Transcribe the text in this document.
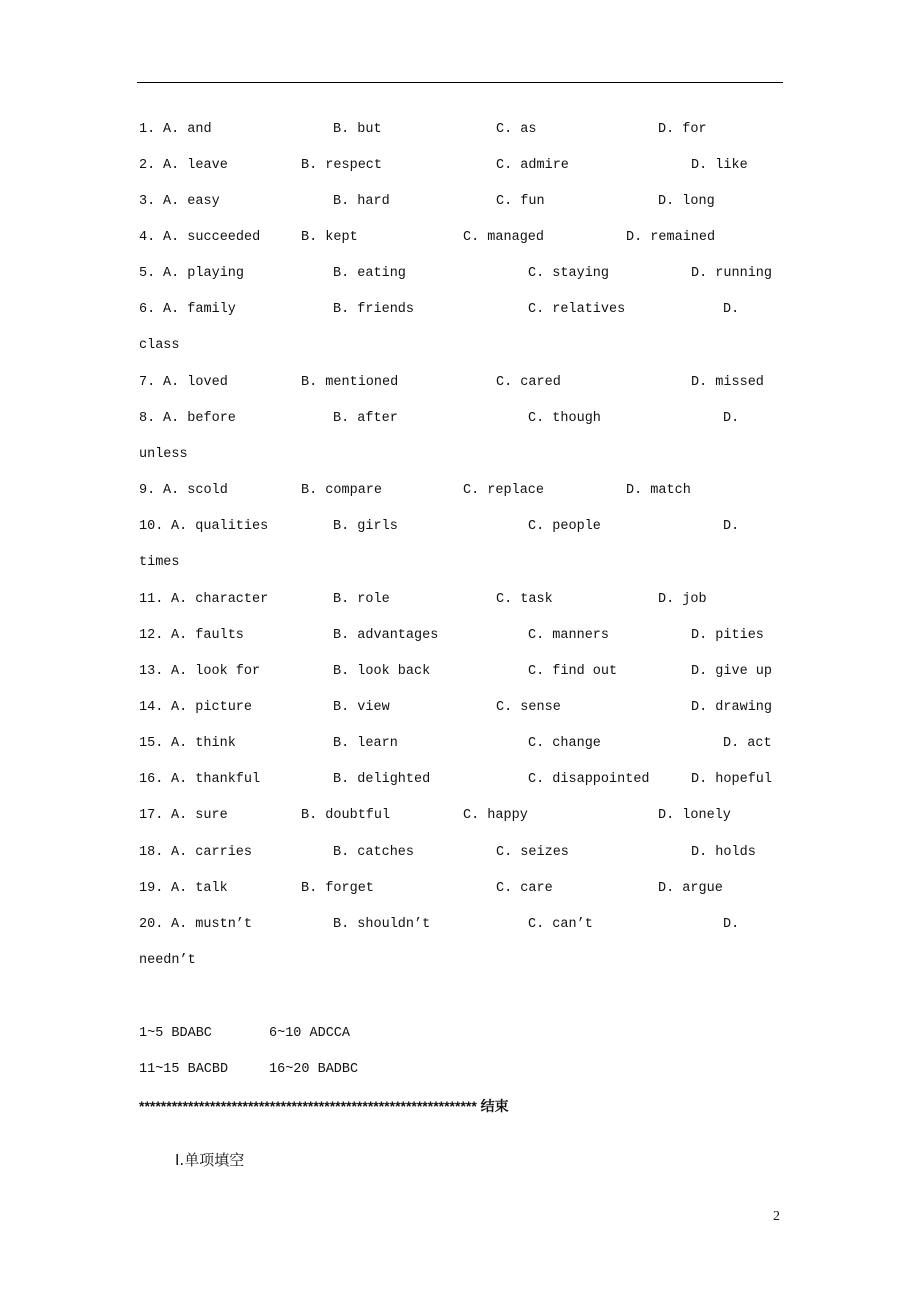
1. A. and	B. but	C. as	D. for
2. A. leave	B. respect	C. admire	D. like
3. A. easy	B. hard	C. fun	D. long
4. A. succeeded	B. kept	C. managed	D. remained
5. A. playing	B. eating	C. staying	D. running
6. A. family	B. friends	C. relatives	D.
class
7. A. loved	B. mentioned	C. cared	D. missed
8. A. before	B. after	C. though	D.
unless
9. A. scold	B. compare	C. replace	D. match
10. A. qualities	B. girls	C. people	D.
times
11. A. character	B. role	C. task	D. job
12. A. faults	B. advantages	C. manners	D. pities
13. A. look for	B. look back	C. find out	D. give up
14. A. picture	B. view	C. sense	D. drawing
15. A. think	B. learn	C. change	D. act
16. A. thankful	B. delighted	C. disappointed	D. hopeful
17. A. sure	B. doubtful	C. happy	D. lonely
18. A. carries	B. catches	C. seizes	D. holds
19. A. talk	B. forget	C. care	D. argue
20. A. mustn’t	B. shouldn’t	C. can’t	D.
needn’t
1~5 BDABC	6~10 ADCCA
11~15 BACBD	16~20 BADBC
************************************************************** 结束
Ⅰ.单项填空
2
